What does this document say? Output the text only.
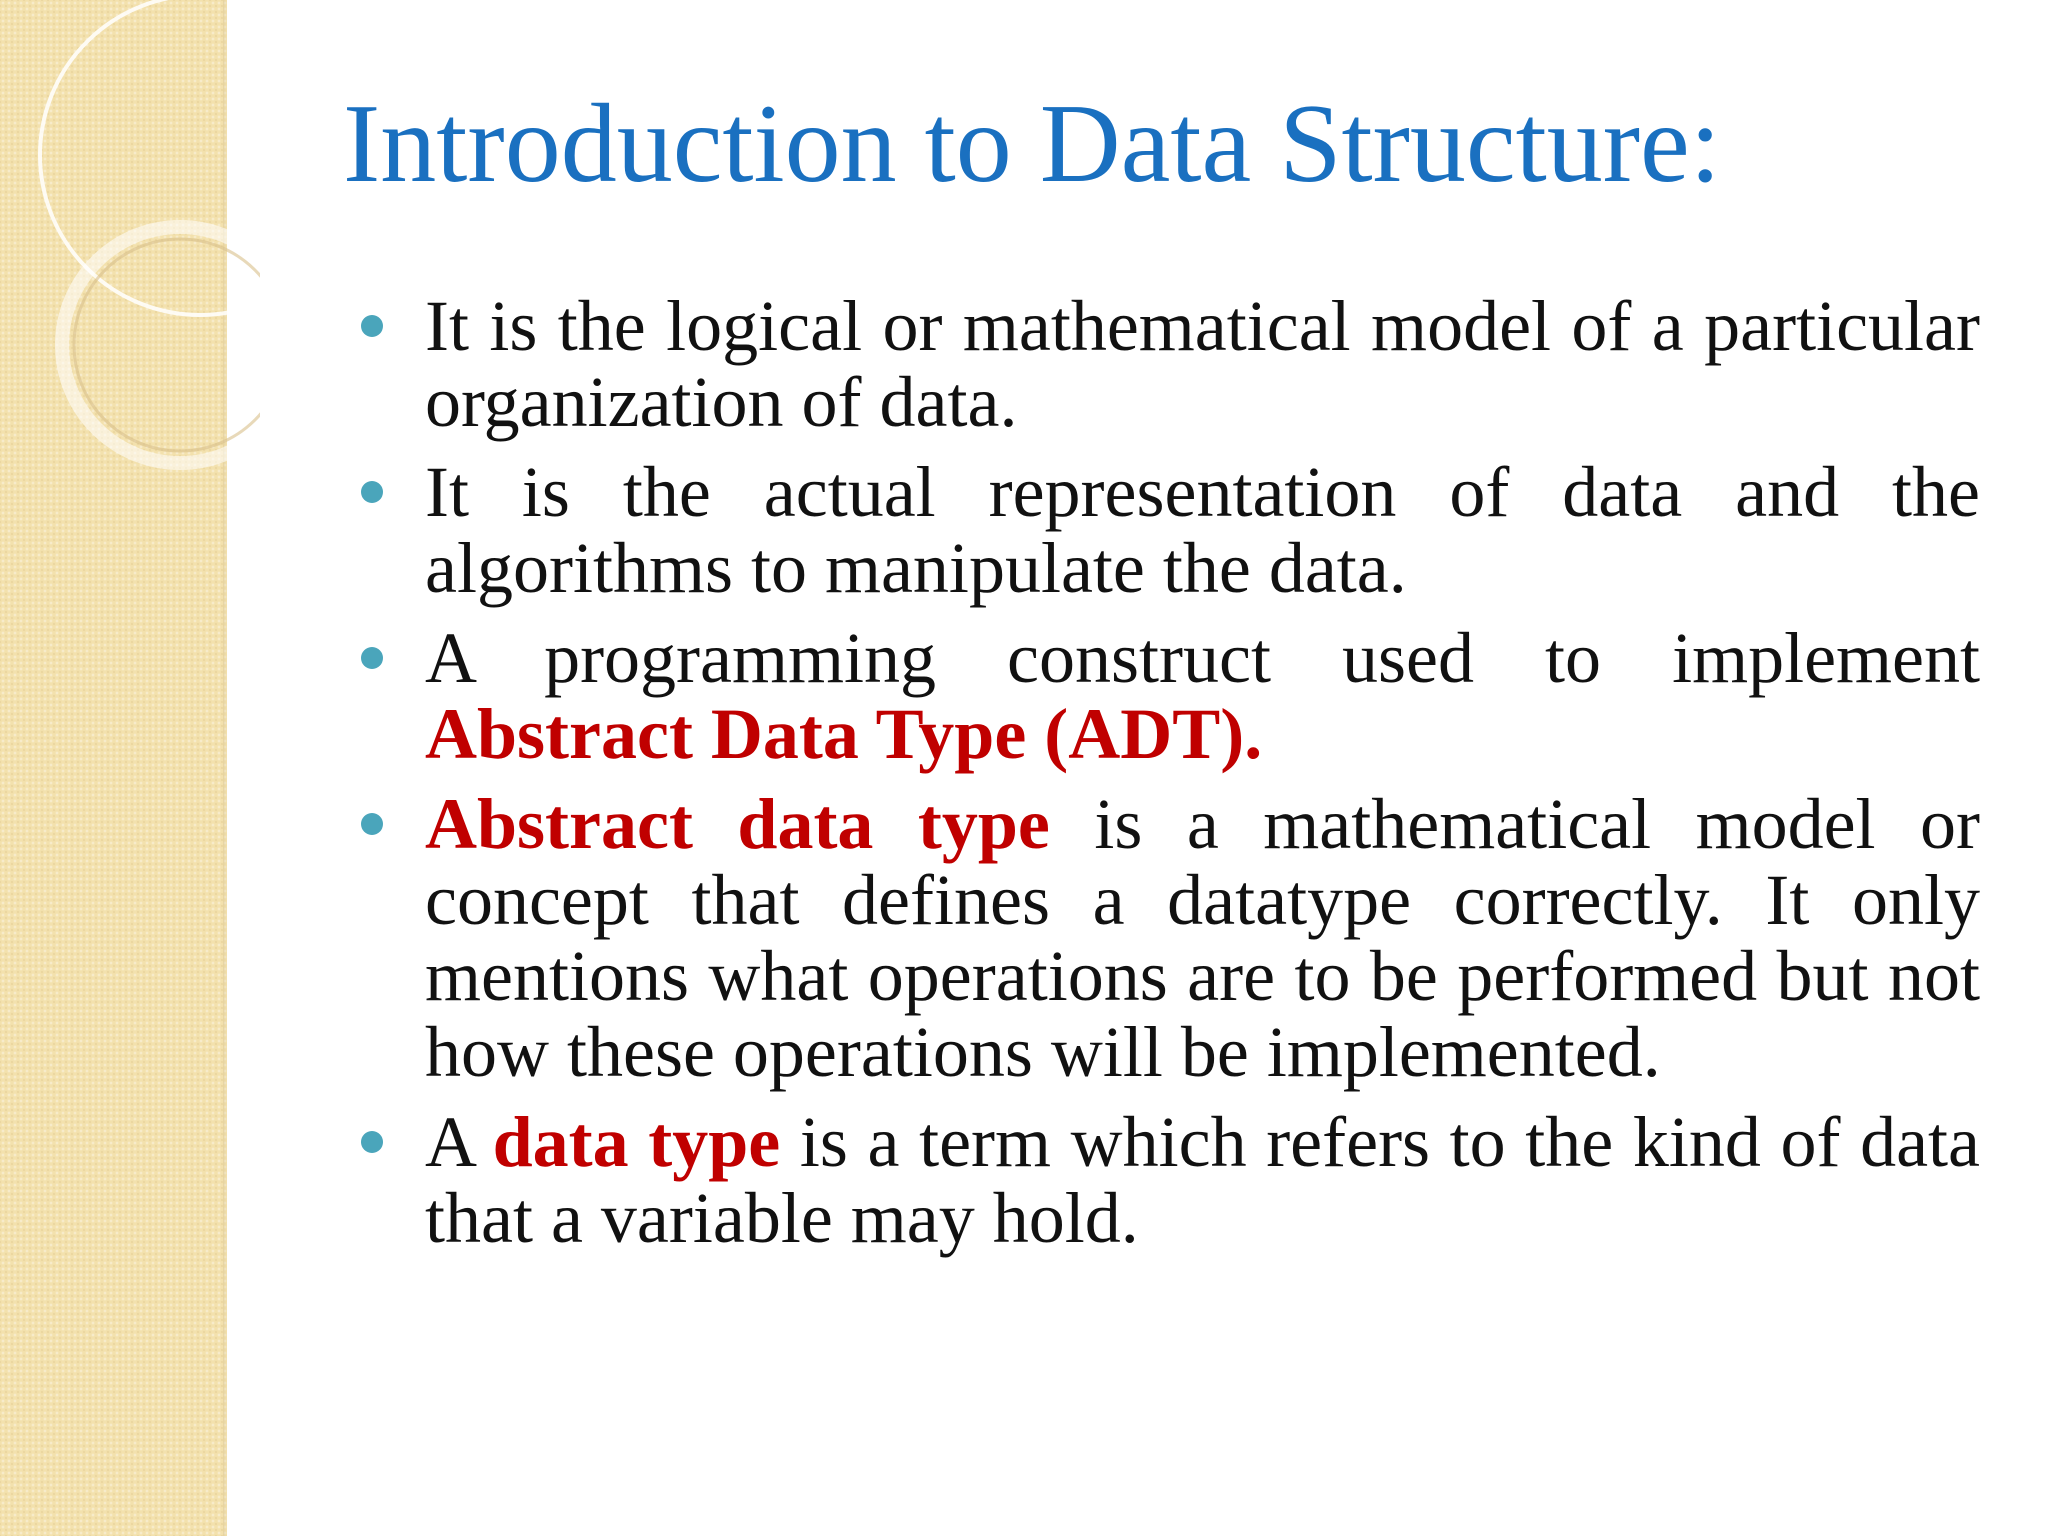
Introduction to Data Structure:
It is the logical or mathematical model of a particular organization of data.
It is the actual representation of data and the algorithms to manipulate the data.
A programming construct used to implement Abstract Data Type (ADT).
Abstract data type is a mathematical model or concept that defines a datatype correctly. It only mentions what operations are to be performed but not how these operations will be implemented.
A data type is a term which refers to the kind of data that a variable may hold.
